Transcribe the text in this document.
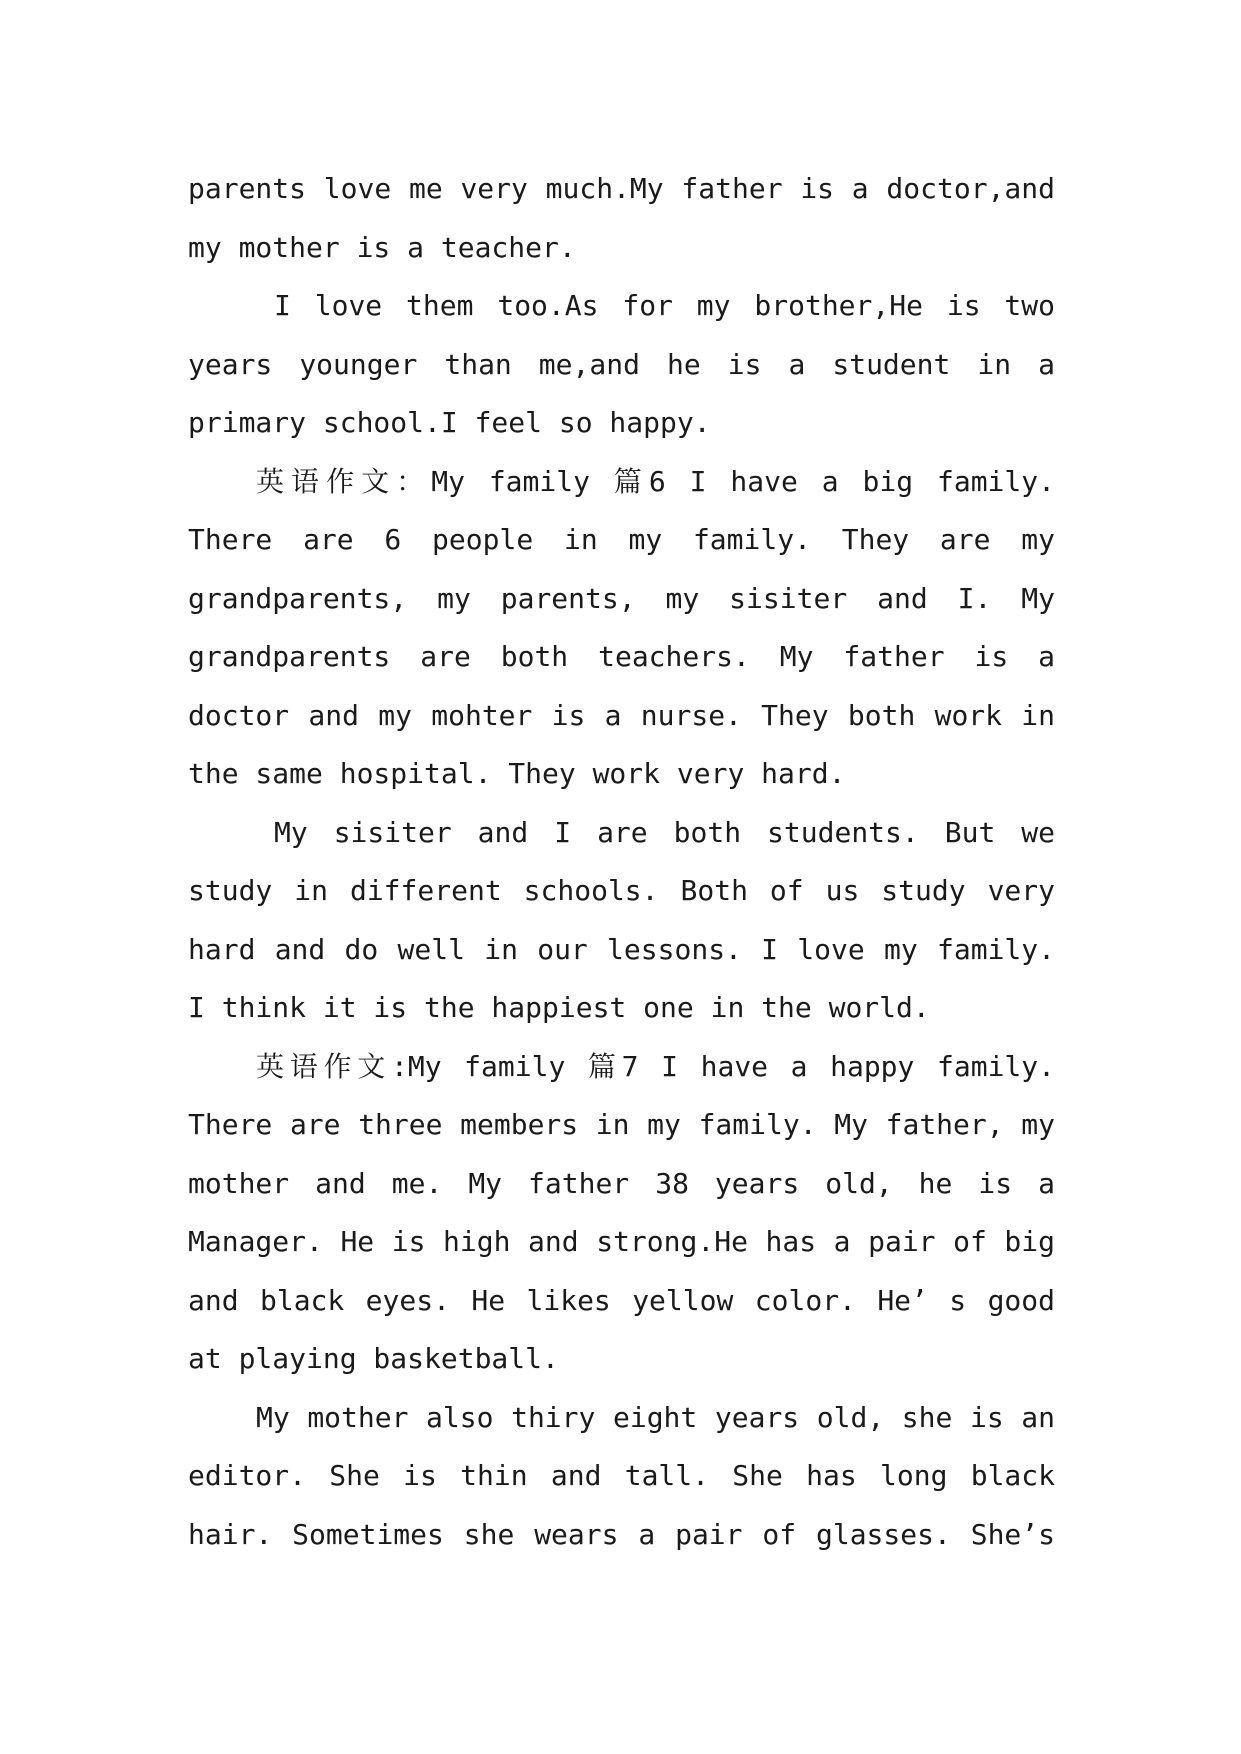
parents love me very much.My father is a doctor,and
my mother is a teacher.
I love them too.As for my brother,He is two
years younger than me,and he is a student in a
primary school.I feel so happy.
英语作文：My family 篇6 I have a big family.
There are 6 people in my family. They are my
grandparents, my parents, my sisiter and I. My
grandparents are both teachers. My father is a
doctor and my mohter is a nurse. They both work in
the same hospital. They work very hard.
My sisiter and I are both students. But we
study in different schools. Both of us study very
hard and do well in our lessons. I love my family.
I think it is the happiest one in the world.
英语作文:My family 篇7 I have a happy family.
There are three members in my family. My father, my
mother and me. My father 38 years old, he is a
Manager. He is high and strong.He has a pair of big
and black eyes. He likes yellow color. He’ s good
at playing basketball.
My mother also thiry eight years old, she is an
editor. She is thin and tall. She has long black
hair. Sometimes she wears a pair of glasses. She’s
